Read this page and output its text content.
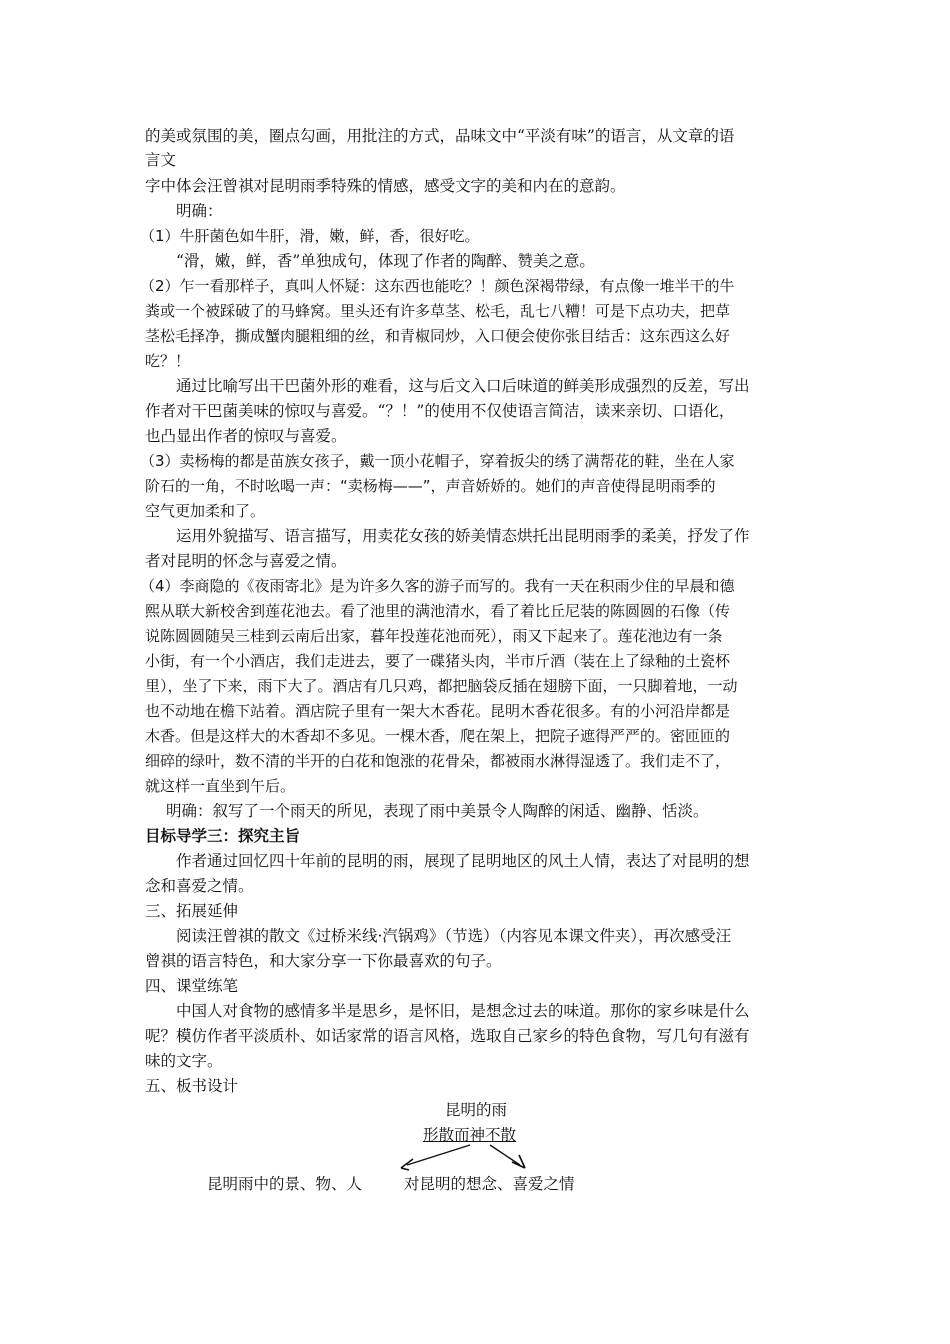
的美或氛围的美，圈点勾画，用批注的方式，品味文中“平淡有味”的语言，从文章的语
言文
字中体会汪曾祺对昆明雨季特殊的情感，感受文字的美和内在的意韵。
明确：
（1）牛肝菌色如牛肝，滑，嫩，鲜，香，很好吃。
“滑，嫩，鲜，香”单独成句，体现了作者的陶醉、赞美之意。
（2）乍一看那样子，真叫人怀疑：这东西也能吃？！颜色深褐带绿，有点像一堆半干的牛
粪或一个被踩破了的马蜂窝。里头还有许多草茎、松毛，乱七八糟！可是下点功夫，把草
茎松毛择净，撕成蟹肉腿粗细的丝，和青椒同炒，入口便会使你张目结舌：这东西这么好
吃？！
通过比喻写出干巴菌外形的难看，这与后文入口后味道的鲜美形成强烈的反差，写出
作者对干巴菌美味的惊叹与喜爱。“？！”的使用不仅使语言简洁，读来亲切、口语化，
也凸显出作者的惊叹与喜爱。
（3）卖杨梅的都是苗族女孩子，戴一顶小花帽子，穿着扳尖的绣了满帮花的鞋，坐在人家
阶石的一角，不时吆喝一声：“卖杨梅——”，声音娇娇的。她们的声音使得昆明雨季的
空气更加柔和了。
运用外貌描写、语言描写，用卖花女孩的娇美情态烘托出昆明雨季的柔美，抒发了作
者对昆明的怀念与喜爱之情。
（4）李商隐的《夜雨寄北》是为许多久客的游子而写的。我有一天在积雨少住的早晨和德
熙从联大新校舍到莲花池去。看了池里的满池清水，看了着比丘尼装的陈圆圆的石像（传
说陈圆圆随吴三桂到云南后出家，暮年投莲花池而死），雨又下起来了。莲花池边有一条
小街，有一个小酒店，我们走进去，要了一碟猪头肉，半市斤酒（装在上了绿釉的土瓷杯
里），坐了下来，雨下大了。酒店有几只鸡，都把脑袋反插在翅膀下面，一只脚着地，一动
也不动地在檐下站着。酒店院子里有一架大木香花。昆明木香花很多。有的小河沿岸都是
木香。但是这样大的木香却不多见。一棵木香，爬在架上，把院子遮得严严的。密匝匝的
细碎的绿叶，数不清的半开的白花和饱涨的花骨朵，都被雨水淋得湿透了。我们走不了，
就这样一直坐到午后。
明确：叙写了一个雨天的所见，表现了雨中美景令人陶醉的闲适、幽静、恬淡。
目标导学三：探究主旨
作者通过回忆四十年前的昆明的雨，展现了昆明地区的风土人情，表达了对昆明的想
念和喜爱之情。
三、拓展延伸
阅读汪曾祺的散文《过桥米线·汽锅鸡》（节选）（内容见本课文件夹），再次感受汪
曾祺的语言特色，和大家分享一下你最喜欢的句子。
四、课堂练笔
中国人对食物的感情多半是思乡，是怀旧，是想念过去的味道。那你的家乡味是什么
呢？模仿作者平淡质朴、如话家常的语言风格，选取自己家乡的特色食物，写几句有滋有
味的文字。
五、板书设计
昆明的雨
形散而神不散
昆明雨中的景、物、人	对昆明的想念、喜爱之情
